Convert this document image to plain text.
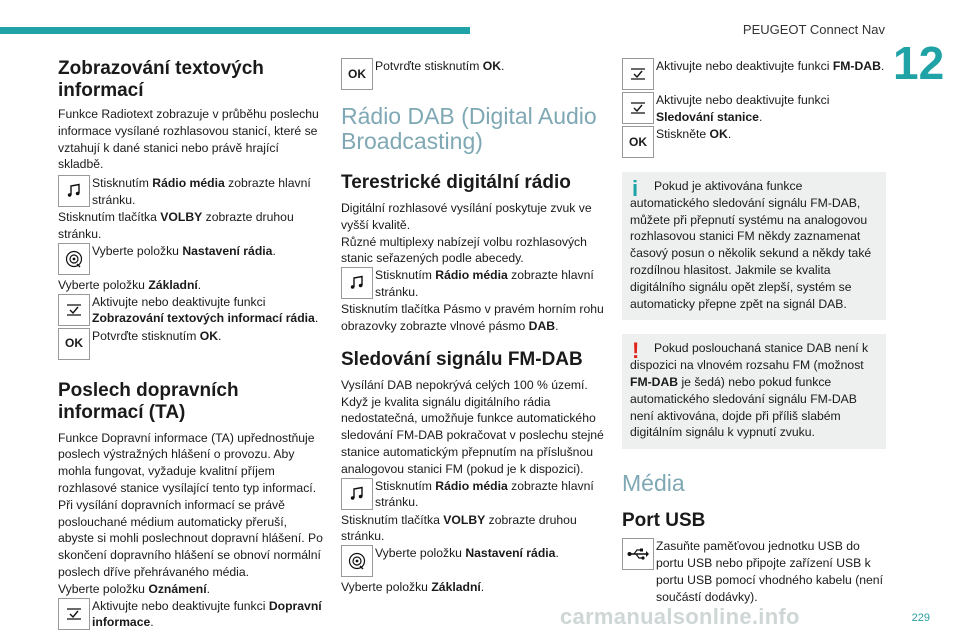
PEUGEOT Connect Nav
12
Zobrazování textových informací

Funkce Radiotext zobrazuje v průběhu poslechu informace vysílané rozhlasovou stanicí, které se vztahují k dané stanici nebo právě hrající skladbě.

Stisknutím Rádio média zobrazte hlavní stránku.

Stisknutím tlačítka VOLBY zobrazte druhou stránku.

Vyberte položku Nastavení rádia.

Vyberte položku Základní.

Aktivujte nebo deaktivujte funkci Zobrazování textových informací rádia.
OK
Potvrďte stisknutím OK.
Poslech dopravních informací (TA)

Funkce Dopravní informace (TA) upřednostňuje poslech výstražných hlášení o provozu. Aby mohla fungovat, vyžaduje kvalitní příjem rozhlasové stanice vysílající tento typ informací. Při vysílání dopravních informací se právě poslouchané médium automaticky přeruší, abyste si mohli poslechnout dopravní hlášení. Po skončení dopravního hlášení se obnoví normální poslech dříve přehrávaného média.

Vyberte položku Oznámení.

Aktivujte nebo deaktivujte funkci Dopravní informace.
OK
Potvrďte stisknutím OK.
Rádio DAB (Digital Audio Broadcasting)
Terestrické digitální rádio

Digitální rozhlasové vysílání poskytuje zvuk ve vyšší kvalitě.

Různé multiplexy nabízejí volbu rozhlasových stanic seřazených podle abecedy.

Stisknutím Rádio média zobrazte hlavní stránku.

Stisknutím tlačítka Pásmo v pravém horním rohu obrazovky zobrazte vlnové pásmo DAB.

Sledování signálu FM-DAB

Vysílání DAB nepokrývá celých 100 % území. Když je kvalita signálu digitálního rádia nedostatečná, umožňuje funkce automatického sledování FM-DAB pokračovat v poslechu stejné stanice automatickým přepnutím na příslušnou analogovou stanici FM (pokud je k dispozici).

Stisknutím Rádio média zobrazte hlavní stránku.

Stisknutím tlačítka VOLBY zobrazte druhou stránku.

Vyberte položku Nastavení rádia.

Vyberte položku Základní.

Aktivujte nebo deaktivujte funkci FM-DAB.
Aktivujte nebo deaktivujte funkci Sledování stanice.
OK
Stiskněte OK.
i	Pokud je aktivována funkce automatického sledování signálu FM-DAB, můžete při přepnutí systému na analogovou rozhlasovou stanici FM někdy zaznamenat časový posun o několik sekund a někdy také rozdílnou hlasitost. Jakmile se kvalita digitálního signálu opět zlepší, systém se automaticky přepne zpět na signál DAB.
!	Pokud poslouchaná stanice DAB není k dispozici na vlnovém rozsahu FM (možnost FM-DAB je šedá) nebo pokud funkce automatického sledování signálu FM-DAB není aktivována, dojde při příliš slabém digitálním signálu k vypnutí zvuku.
Média
Port USB
Zasuňte paměťovou jednotku USB do portu USB nebo připojte zařízení USB k portu USB pomocí vhodného kabelu (není součástí dodávky).
carmanualsonline.info	229
